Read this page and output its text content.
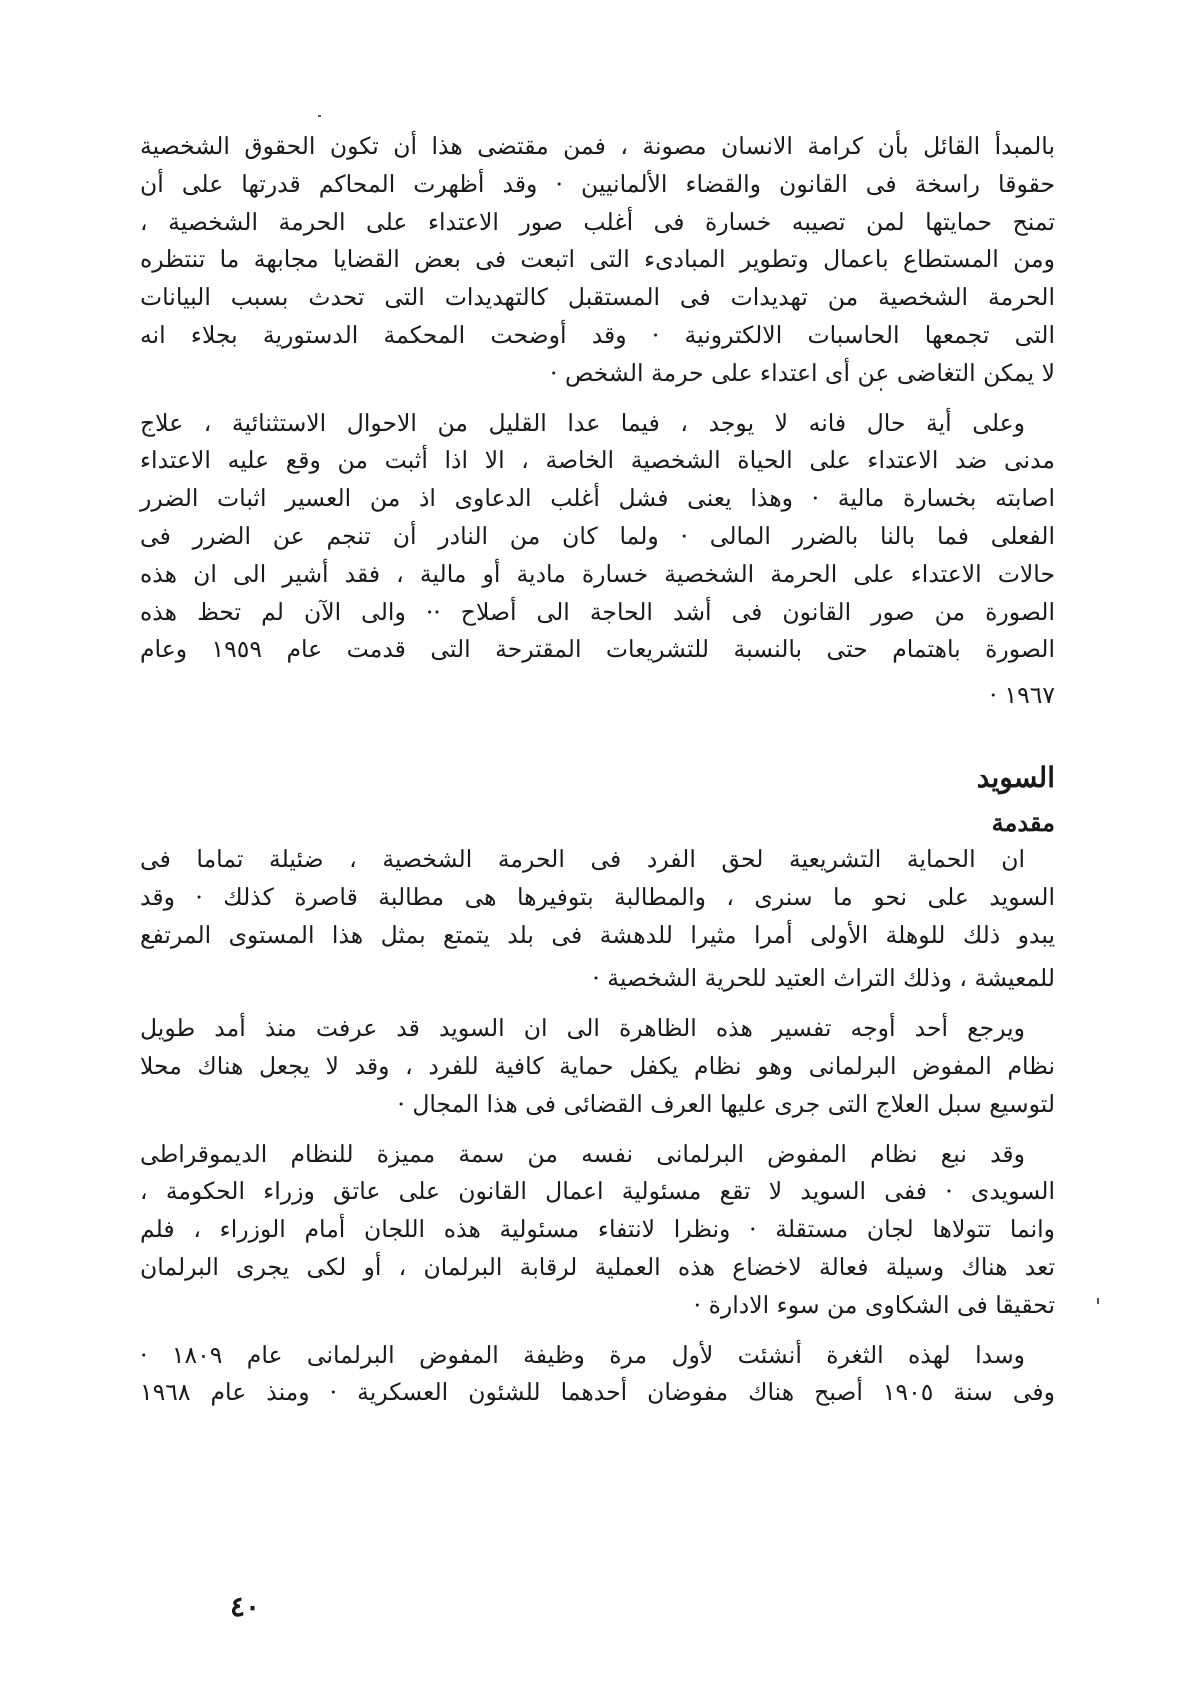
بالمبدأ القائل بأن كرامة الانسان مصونة ، فمن مقتضى هذا أن تكون الحقوق الشخصية
حقوقا راسخة فى القانون والقضاء الألمانيين · وقد أظهرت المحاكم قدرتها على أن
تمنح حمايتها لمن تصيبه خسارة فى أغلب صور الاعتداء على الحرمة الشخصية ،
ومن المستطاع باعمال وتطوير المبادىء التى اتبعت فى بعض القضايا مجابهة ما تنتظره
الحرمة الشخصية من تهديدات فى المستقبل كالتهديدات التى تحدث بسبب البيانات
التى تجمعها الحاسبات الالكترونية · وقد أوضحت المحكمة الدستورية بجلاء انه
لا يمكن التغاضى عن أى اعتداء على حرمة الشخص ·
وعلى أية حال فانه لا يوجد ، فيما عدا القليل من الاحوال الاستثنائية ، علاج
مدنى ضد الاعتداء على الحياة الشخصية الخاصة ، الا اذا أثبت من وقع عليه الاعتداء
اصابته بخسارة مالية · وهذا يعنى فشل أغلب الدعاوى اذ من العسير اثبات الضرر
الفعلى فما بالنا بالضرر المالى · ولما كان من النادر أن تنجم عن الضرر فى
حالات الاعتداء على الحرمة الشخصية خسارة مادية أو مالية ، فقد أشير الى ان هذه
الصورة من صور القانون فى أشد الحاجة الى أصلاح ·· والى الآن لم تحظ هذه
الصورة باهتمام حتى بالنسبة للتشريعات المقترحة التى قدمت عام ١٩٥٩ وعام
١٩٦٧ ·
السويد
مقدمة
ان الحماية التشريعية لحق الفرد فى الحرمة الشخصية ، ضئيلة تماما فى
السويد على نحو ما سنرى ، والمطالبة بتوفيرها هى مطالبة قاصرة كذلك · وقد
يبدو ذلك للوهلة الأولى أمرا مثيرا للدهشة فى بلد يتمتع بمثل هذا المستوى المرتفع
للمعيشة ، وذلك التراث العتيد للحرية الشخصية ·
ويرجع أحد أوجه تفسير هذه الظاهرة الى ان السويد قد عرفت منذ أمد طويل
نظام المفوض البرلمانى وهو نظام يكفل حماية كافية للفرد ، وقد لا يجعل هناك محلا
لتوسيع سبل العلاج التى جرى عليها العرف القضائى فى هذا المجال ·
وقد نبع نظام المفوض البرلمانى نفسه من سمة مميزة للنظام الديموقراطى
السويدى · ففى السويد لا تقع مسئولية اعمال القانون على عاتق وزراء الحكومة ،
وانما تتولاها لجان مستقلة · ونظرا لانتفاء مسئولية هذه اللجان أمام الوزراء ، فلم
تعد هناك وسيلة فعالة لاخضاع هذه العملية لرقابة البرلمان ، أو لكى يجرى البرلمان
تحقيقا فى الشكاوى من سوء الادارة ·
وسدا لهذه الثغرة أنشئت لأول مرة وظيفة المفوض البرلمانى عام ١٨٠٩ ·
وفى سنة ١٩٠٥ أصبح هناك مفوضان أحدهما للشئون العسكرية · ومنذ عام ١٩٦٨
٤٠
